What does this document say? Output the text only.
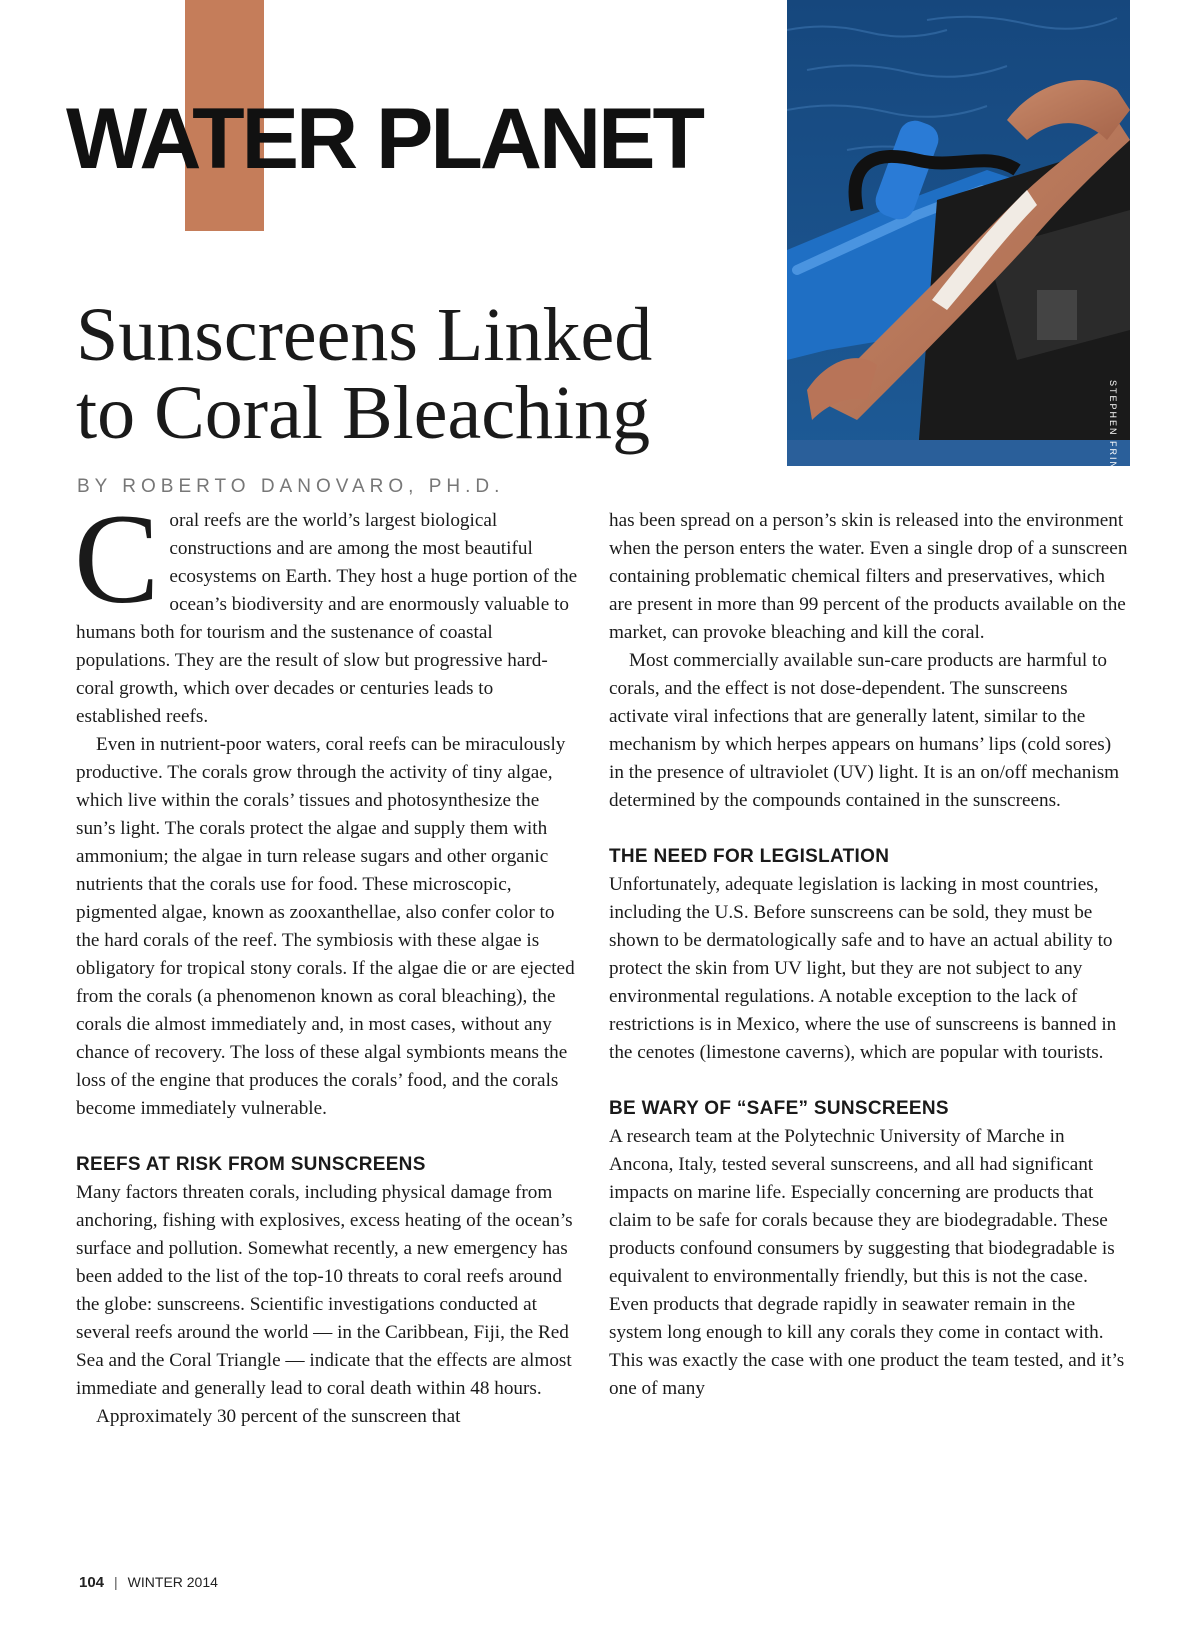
WATER PLANET
STEPHEN FRINK
Sunscreens Linked
to Coral Bleaching
BY ROBERTO DANOVARO, PH.D.

Coral reefs are the world’s largest biological constructions and are among the most beautiful ecosystems on Earth. They host a huge portion of the ocean’s biodiversity and are enormously valuable to humans both for tourism and the sustenance of coastal populations. They are the result of slow but progressive hard-coral growth, which over decades or centuries leads to established reefs.

Even in nutrient-poor waters, coral reefs can be miraculously productive. The corals grow through the activity of tiny algae, which live within the corals’ tissues and photosynthesize the sun’s light. The corals protect the algae and supply them with ammonium; the algae in turn release sugars and other organic nutrients that the corals use for food. These microscopic, pigmented algae, known as zooxanthellae, also confer color to the hard corals of the reef. The symbiosis with these algae is obligatory for tropical stony corals. If the algae die or are ejected from the corals (a phenomenon known as coral bleaching), the corals die almost immediately and, in most cases, without any chance of recovery. The loss of these algal symbionts means the loss of the engine that produces the corals’ food, and the corals become immediately vulnerable.

REEFS AT RISK FROM SUNSCREENS

Many factors threaten corals, including physical damage from anchoring, fishing with explosives, excess heating of the ocean’s surface and pollution. Somewhat recently, a new emergency has been added to the list of the top-10 threats to coral reefs around the globe: sunscreens. Scientific investigations conducted at several reefs around the world — in the Caribbean, Fiji, the Red Sea and the Coral Triangle — indicate that the effects are almost immediate and generally lead to coral death within 48 hours.

Approximately 30 percent of the sunscreen that

has been spread on a person’s skin is released into the environment when the person enters the water. Even a single drop of a sunscreen containing problematic chemical filters and preservatives, which are present in more than 99 percent of the products available on the market, can provoke bleaching and kill the coral.

Most commercially available sun-care products are harmful to corals, and the effect is not dose-dependent. The sunscreens activate viral infections that are generally latent, similar to the mechanism by which herpes appears on humans’ lips (cold sores) in the presence of ultraviolet (UV) light. It is an on/off mechanism determined by the compounds contained in the sunscreens.

THE NEED FOR LEGISLATION

Unfortunately, adequate legislation is lacking in most countries, including the U.S. Before sunscreens can be sold, they must be shown to be dermatologically safe and to have an actual ability to protect the skin from UV light, but they are not subject to any environmental regulations. A notable exception to the lack of restrictions is in Mexico, where the use of sunscreens is banned in the cenotes (limestone caverns), which are popular with tourists.

BE WARY OF “SAFE” SUNSCREENS

A research team at the Polytechnic University of Marche in Ancona, Italy, tested several sunscreens, and all had significant impacts on marine life. Especially concerning are products that claim to be safe for corals because they are biodegradable. These products confound consumers by suggesting that biodegradable is equivalent to environmentally friendly, but this is not the case. Even products that degrade rapidly in seawater remain in the system long enough to kill any corals they come in contact with. This was exactly the case with one product the team tested, and it’s one of many

104 | WINTER 2014
